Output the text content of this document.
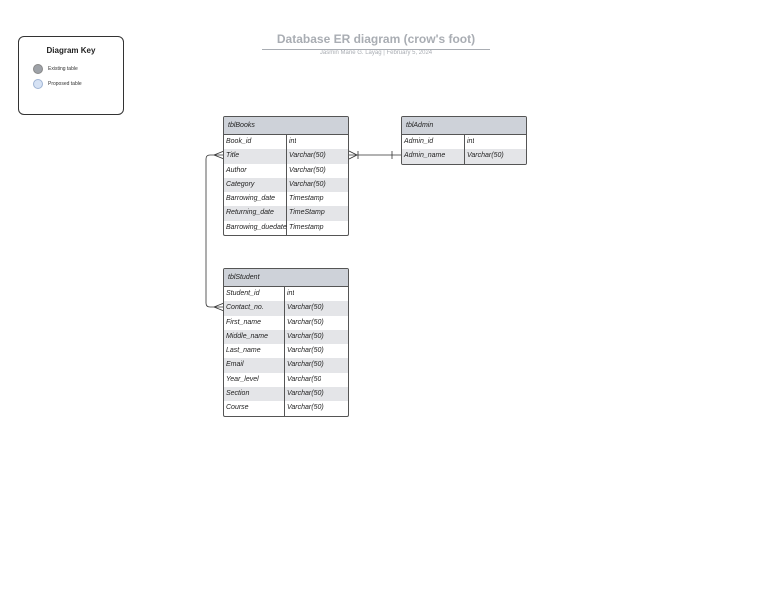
Database ER diagram (crow's foot)
Jasmin Marie G. Layag | February 5, 2024
Diagram Key
Existing table
Proposed table
tblBooks
Book_id	int
Title	Varchar(50)
Author	Varchar(50)
Category	Varchar(50)
Barrowing_date	Timestamp
Returning_date	TimeStamp
Barrowing_duedate Timestamp
tblAdmin
Admin_id	int
Admin_name	Varchar(50)
tblStudent
Student_id	int
Contact_no.	Varchar(50)
First_name	Varchar(50)
Middle_name	Varchar(50)
Last_name	Varchar(50)
Email	Varchar(50)
Year_level	Varchar(50
Section	Varchar(50)
Course	Varchar(50)
